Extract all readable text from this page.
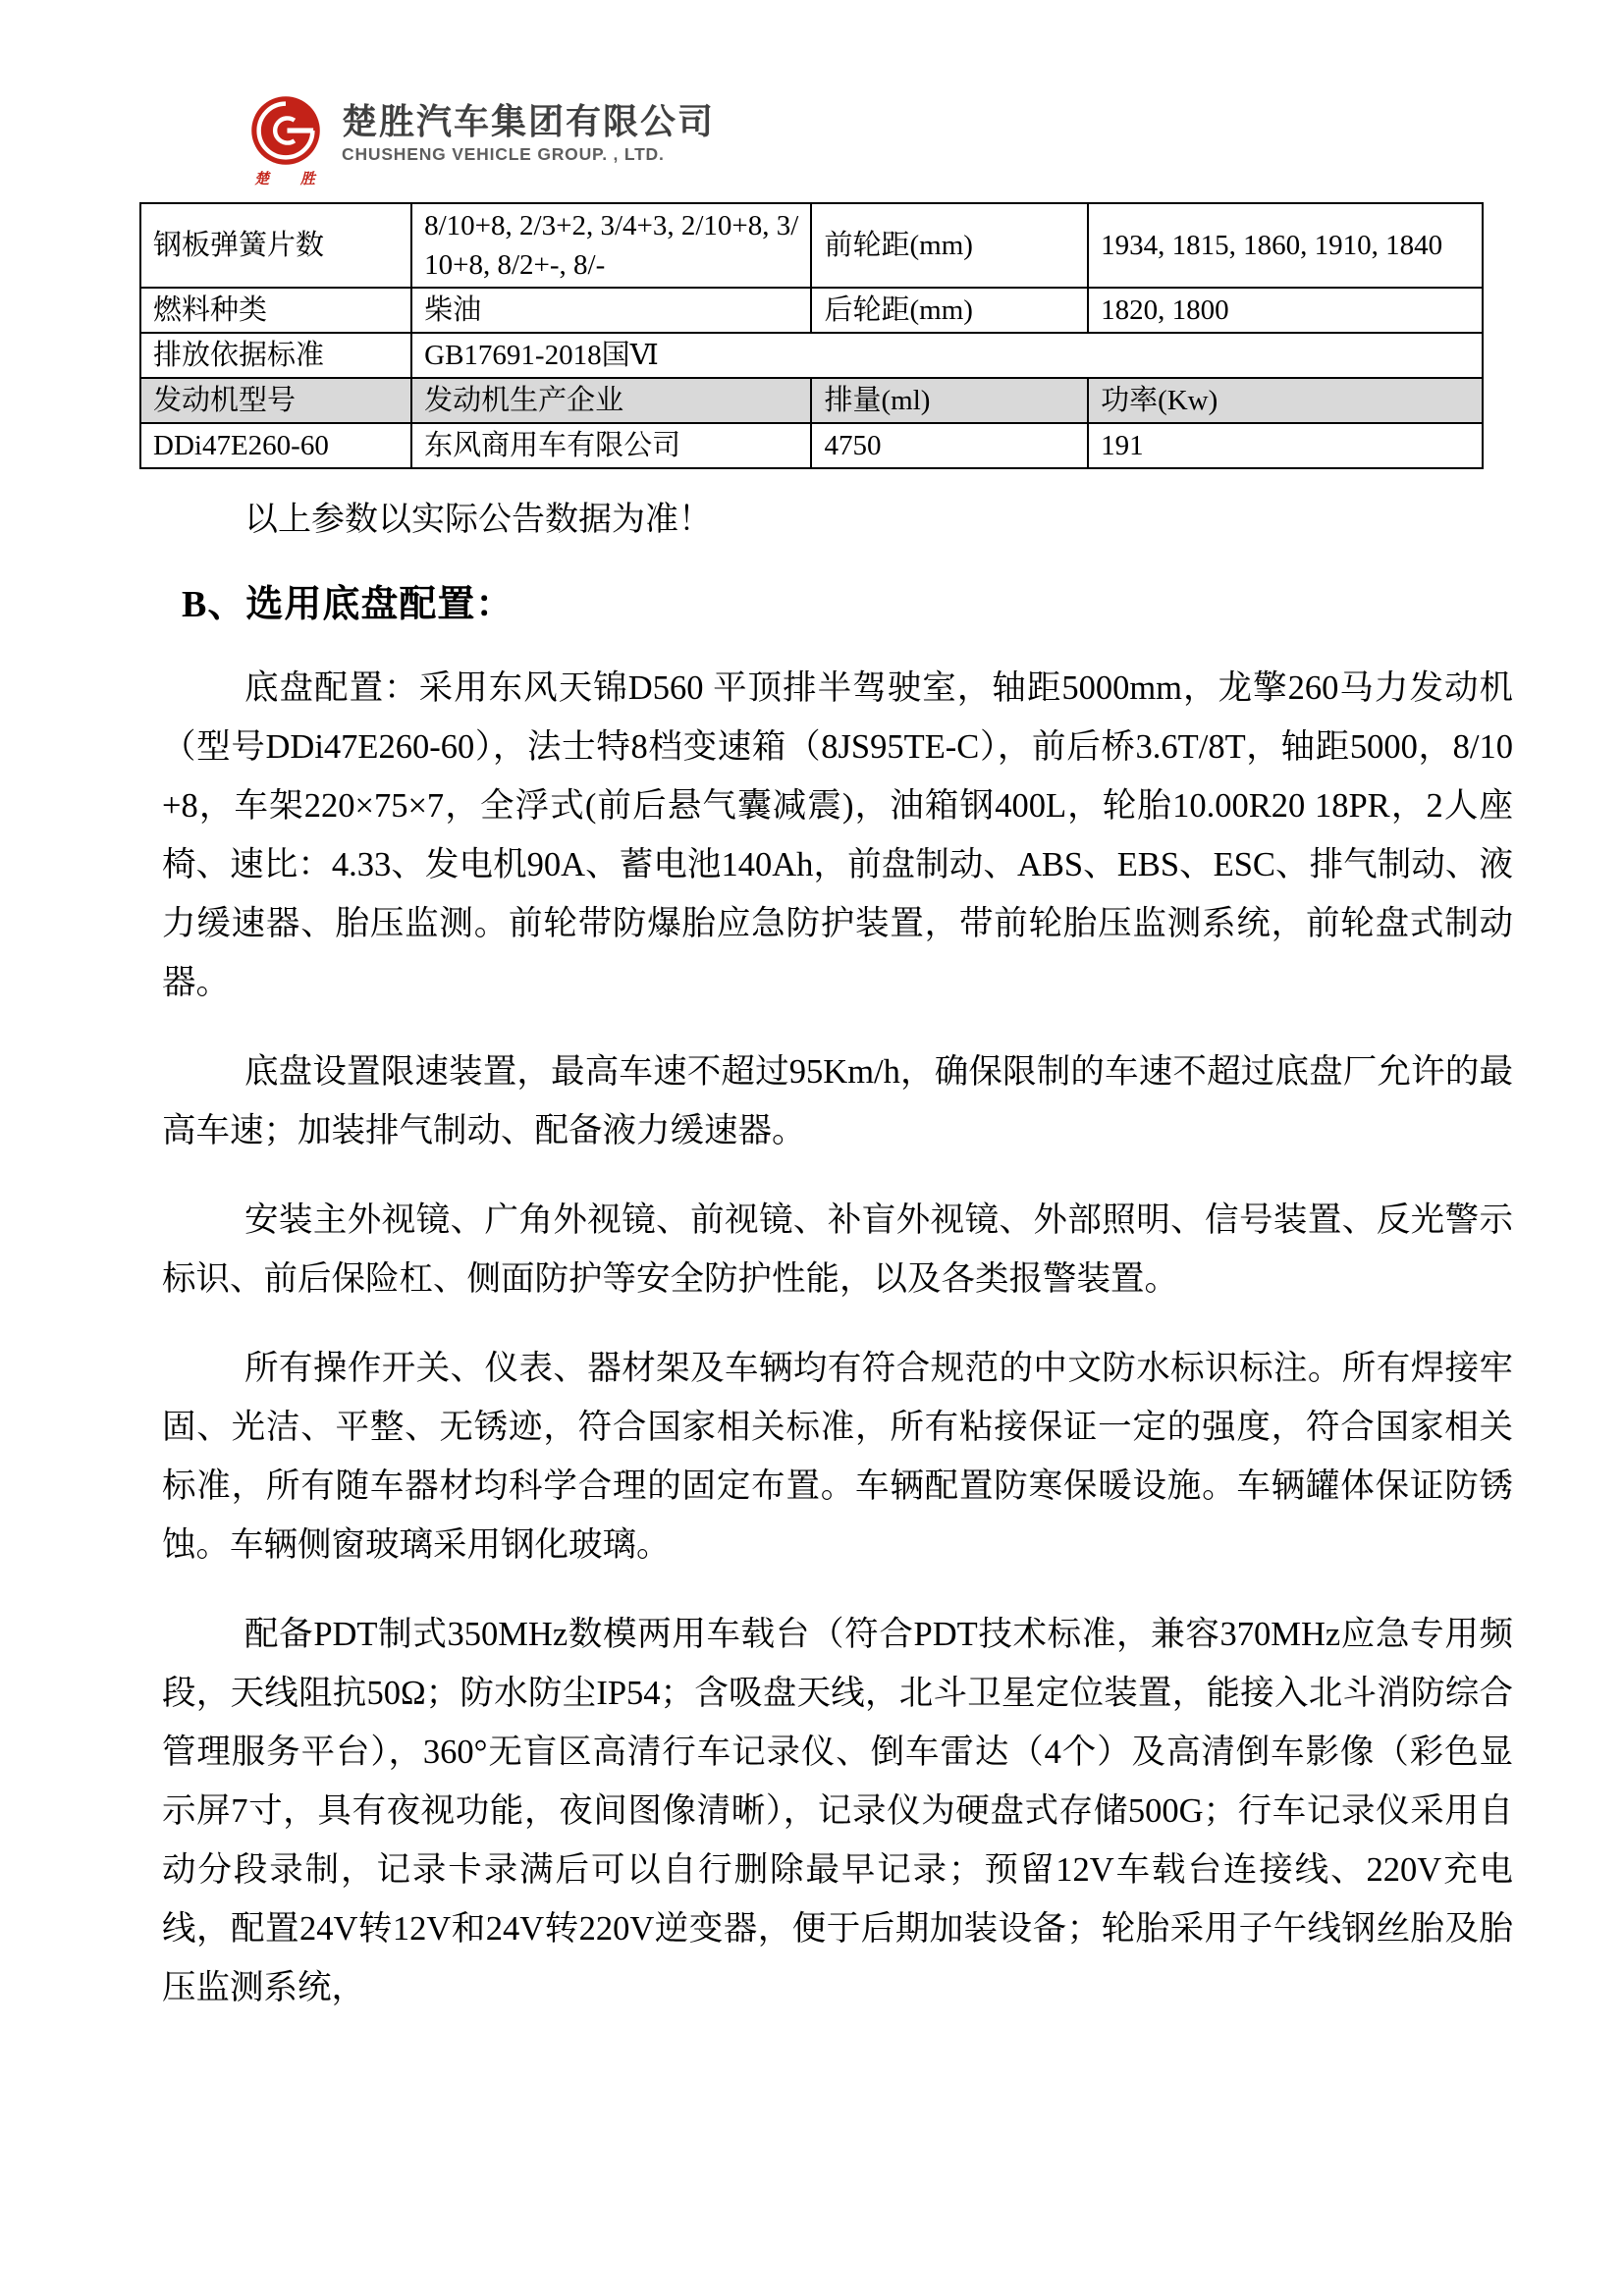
楚 胜
楚胜汽车集团有限公司
CHUSHENG VEHICLE GROUP. , LTD.
钢板弹簧片数	8/10+8, 2/3+2, 3/4+3, 2/10+8, 3/10+8, 8/2+-, 8/-	前轮距(mm)	1934, 1815, 1860, 1910, 1840
燃料种类	柴油	后轮距(mm)	1820, 1800
排放依据标准	GB17691-2018国Ⅵ		
发动机型号	发动机生产企业	排量(ml)	功率(Kw)
DDi47E260-60	东风商用车有限公司	4750	191

以上参数以实际公告数据为准！

B、选用底盘配置：

底盘配置：采用东风天锦D560 平顶排半驾驶室，轴距5000mm，龙擎260马力发动机（型号DDi47E260-60），法士特8档变速箱（8JS95TE-C），前后桥3.6T/8T，轴距5000，8/10+8，车架220×75×7，全浮式(前后悬气囊减震)，油箱钢400L，轮胎10.00R20 18PR，2人座椅、速比：4.33、发电机90A、蓄电池140Ah，前盘制动、ABS、EBS、ESC、排气制动、液力缓速器、胎压监测。前轮带防爆胎应急防护装置，带前轮胎压监测系统，前轮盘式制动器。

底盘设置限速装置，最高车速不超过95Km/h，确保限制的车速不超过底盘厂允许的最高车速；加装排气制动、配备液力缓速器。

安装主外视镜、广角外视镜、前视镜、补盲外视镜、外部照明、信号装置、反光警示标识、前后保险杠、侧面防护等安全防护性能，以及各类报警装置。

所有操作开关、仪表、器材架及车辆均有符合规范的中文防水标识标注。所有焊接牢固、光洁、平整、无锈迹，符合国家相关标准，所有粘接保证一定的强度，符合国家相关标准，所有随车器材均科学合理的固定布置。车辆配置防寒保暖设施。车辆罐体保证防锈蚀。车辆侧窗玻璃采用钢化玻璃。

配备PDT制式350MHz数模两用车载台（符合PDT技术标准，兼容370MHz应急专用频段，天线阻抗50Ω；防水防尘IP54；含吸盘天线，北斗卫星定位装置，能接入北斗消防综合管理服务平台），360°无盲区高清行车记录仪、倒车雷达（4个）及高清倒车影像（彩色显示屏7寸，具有夜视功能，夜间图像清晰），记录仪为硬盘式存储500G；行车记录仪采用自动分段录制，记录卡录满后可以自行删除最早记录；预留12V车载台连接线、220V充电线，配置24V转12V和24V转220V逆变器，便于后期加装设备；轮胎采用子午线钢丝胎及胎压监测系统，
